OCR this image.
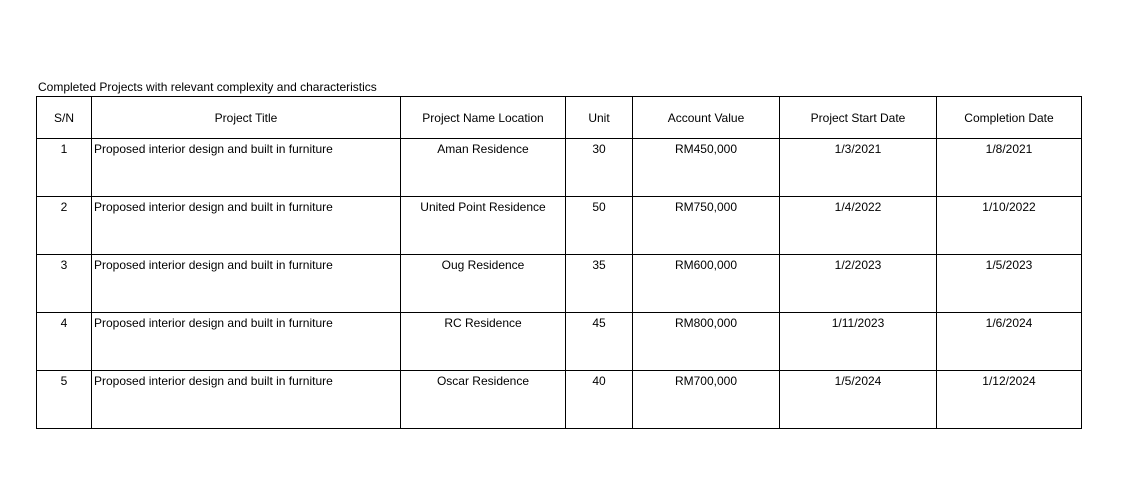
Completed Projects with relevant complexity and characteristics
S/N	Project Title	Project Name Location	Unit	Account Value	Project Start Date	Completion Date
1	Proposed interior design and built in furniture	Aman Residence	30	RM450,000	1/3/2021	1/8/2021
2	Proposed interior design and built in furniture	United Point Residence	50	RM750,000	1/4/2022	1/10/2022
3	Proposed interior design and built in furniture	Oug Residence	35	RM600,000	1/2/2023	1/5/2023
4	Proposed interior design and built in furniture	RC Residence	45	RM800,000	1/11/2023	1/6/2024
5	Proposed interior design and built in furniture	Oscar Residence	40	RM700,000	1/5/2024	1/12/2024
